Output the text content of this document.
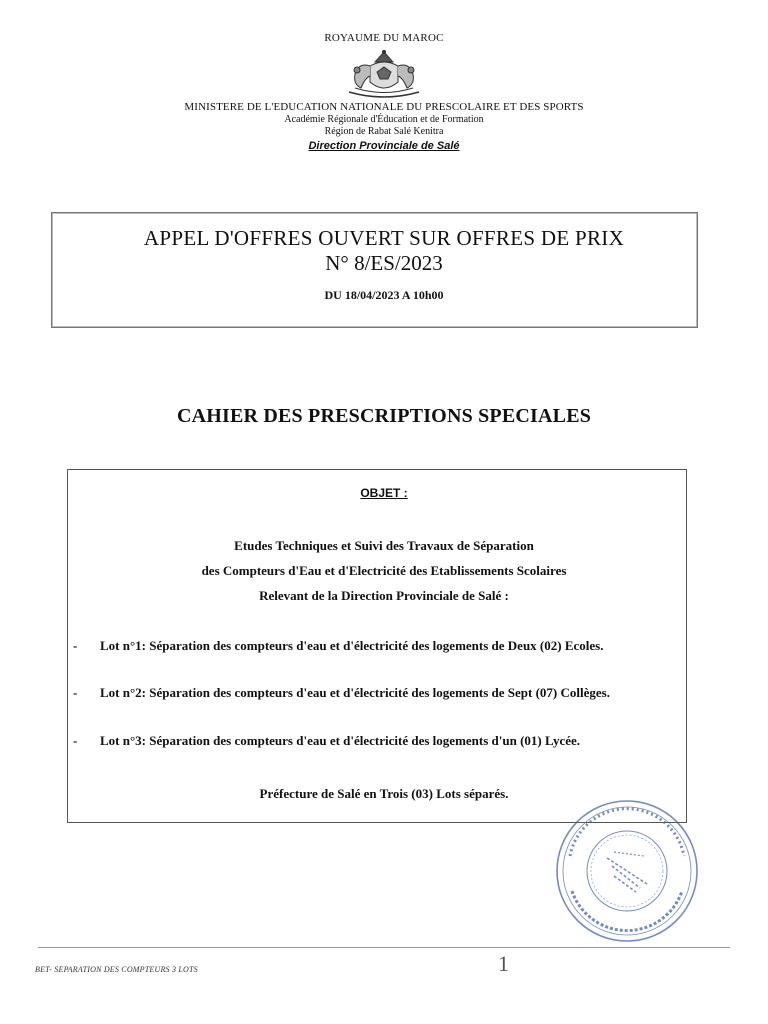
ROYAUME DU MAROC
MINISTERE DE L'EDUCATION NATIONALE DU PRESCOLAIRE ET DES SPORTS
Académie Régionale d'Éducation et de Formation
Région de Rabat Salé Kenitra
Direction Provinciale de Salé
APPEL D'OFFRES OUVERT SUR OFFRES DE PRIX
N° 8/ES/2023
DU 18/04/2023 A 10h00
CAHIER DES PRESCRIPTIONS SPECIALES
OBJET :
Etudes Techniques et Suivi des Travaux de Séparation
des Compteurs d'Eau et d'Electricité des Etablissements Scolaires
Relevant de la Direction Provinciale de Salé :
- Lot n°1: Séparation des compteurs d'eau et d'électricité des logements de Deux (02) Ecoles.
- Lot n°2: Séparation des compteurs d'eau et d'électricité des logements de Sept (07) Collèges.
- Lot n°3: Séparation des compteurs d'eau et d'électricité des logements d'un (01) Lycée.
Préfecture de Salé en Trois (03) Lots séparés.
BET- SEPARATION DES COMPTEURS 3 LOTS	1
